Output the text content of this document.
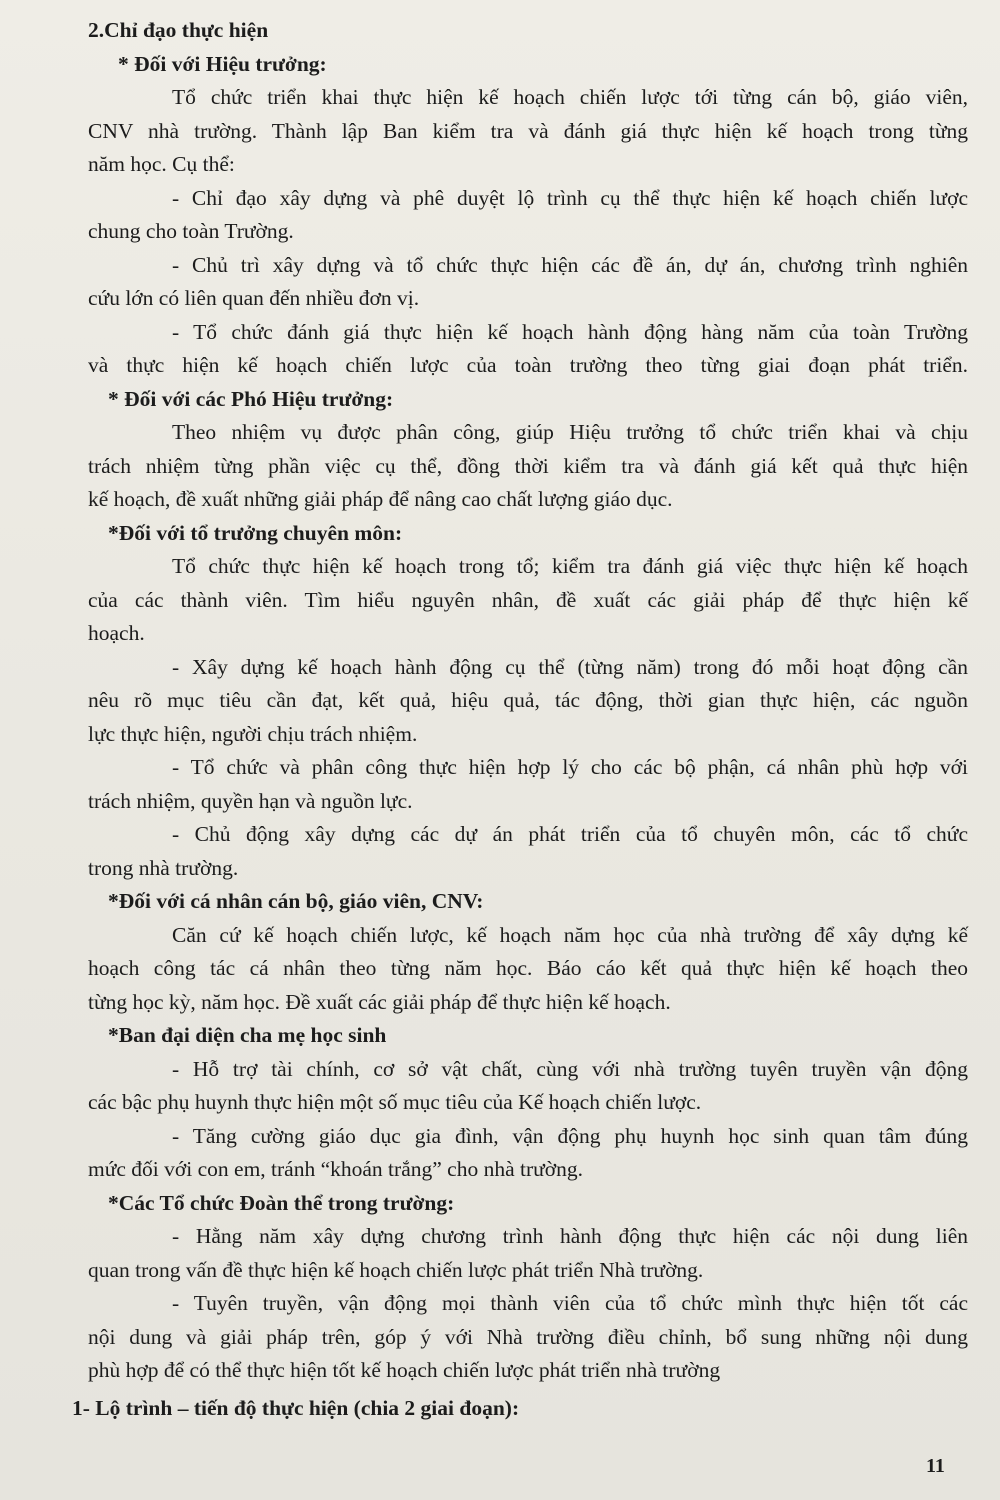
2.Chỉ đạo thực hiện
* Đối với Hiệu trưởng:
Tổ chức triển khai thực hiện kế hoạch chiến lược tới từng cán bộ, giáo viên,
CNV nhà trường. Thành lập Ban kiểm tra và đánh giá thực hiện kế hoạch trong từng
năm học. Cụ thể:
- Chỉ đạo xây dựng và phê duyệt lộ trình cụ thể thực hiện kế hoạch chiến lược
chung cho toàn Trường.
- Chủ trì xây dựng và tổ chức thực hiện các đề án, dự án, chương trình nghiên
cứu lớn có liên quan đến nhiều đơn vị.
- Tổ chức đánh giá thực hiện kế hoạch hành động hàng năm của toàn Trường
và thực hiện kế hoạch chiến lược của toàn trường theo từng giai đoạn phát triển.
* Đối với các Phó Hiệu trưởng:
Theo nhiệm vụ được phân công, giúp Hiệu trưởng tổ chức triển khai và chịu
trách nhiệm từng phần việc cụ thể, đồng thời kiểm tra và đánh giá kết quả thực hiện
kế hoạch, đề xuất những giải pháp để nâng cao chất lượng giáo dục.
*Đối với tổ trưởng chuyên môn:
Tổ chức thực hiện kế hoạch trong tổ; kiểm tra đánh giá việc thực hiện kế hoạch
của các thành viên. Tìm hiểu nguyên nhân, đề xuất các giải pháp để thực hiện kế
hoạch.
- Xây dựng kế hoạch hành động cụ thể (từng năm) trong đó mỗi hoạt động cần
nêu rõ mục tiêu cần đạt, kết quả, hiệu quả, tác động, thời gian thực hiện, các nguồn
lực thực hiện, người chịu trách nhiệm.
- Tổ chức và phân công thực hiện hợp lý cho các bộ phận, cá nhân phù hợp với
trách nhiệm, quyền hạn và nguồn lực.
- Chủ động xây dựng các dự án phát triển của tổ chuyên môn, các tổ chức
trong nhà trường.
*Đối với cá nhân cán bộ, giáo viên, CNV:
Căn cứ kế hoạch chiến lược, kế hoạch năm học của nhà trường để xây dựng kế
hoạch công tác cá nhân theo từng năm học. Báo cáo kết quả thực hiện kế hoạch theo
từng học kỳ, năm học. Đề xuất các giải pháp để thực hiện kế hoạch.
*Ban đại diện cha mẹ học sinh
- Hỗ trợ tài chính, cơ sở vật chất, cùng với nhà trường tuyên truyền vận động
các bậc phụ huynh thực hiện một số mục tiêu của Kế hoạch chiến lược.
- Tăng cường giáo dục gia đình, vận động phụ huynh học sinh quan tâm đúng
mức đối với con em, tránh “khoán trắng” cho nhà trường.
*Các Tổ chức Đoàn thể trong trường:
- Hằng năm xây dựng chương trình hành động thực hiện các nội dung liên
quan trong vấn đề thực hiện kế hoạch chiến lược phát triển Nhà trường.
- Tuyên truyền, vận động mọi thành viên của tổ chức mình thực hiện tốt các
nội dung và giải pháp trên, góp ý với Nhà trường điều chỉnh, bổ sung những nội dung
phù hợp để có thể thực hiện tốt kế hoạch chiến lược phát triển nhà trường
1- Lộ trình – tiến độ thực hiện (chia 2 giai đoạn):
11
